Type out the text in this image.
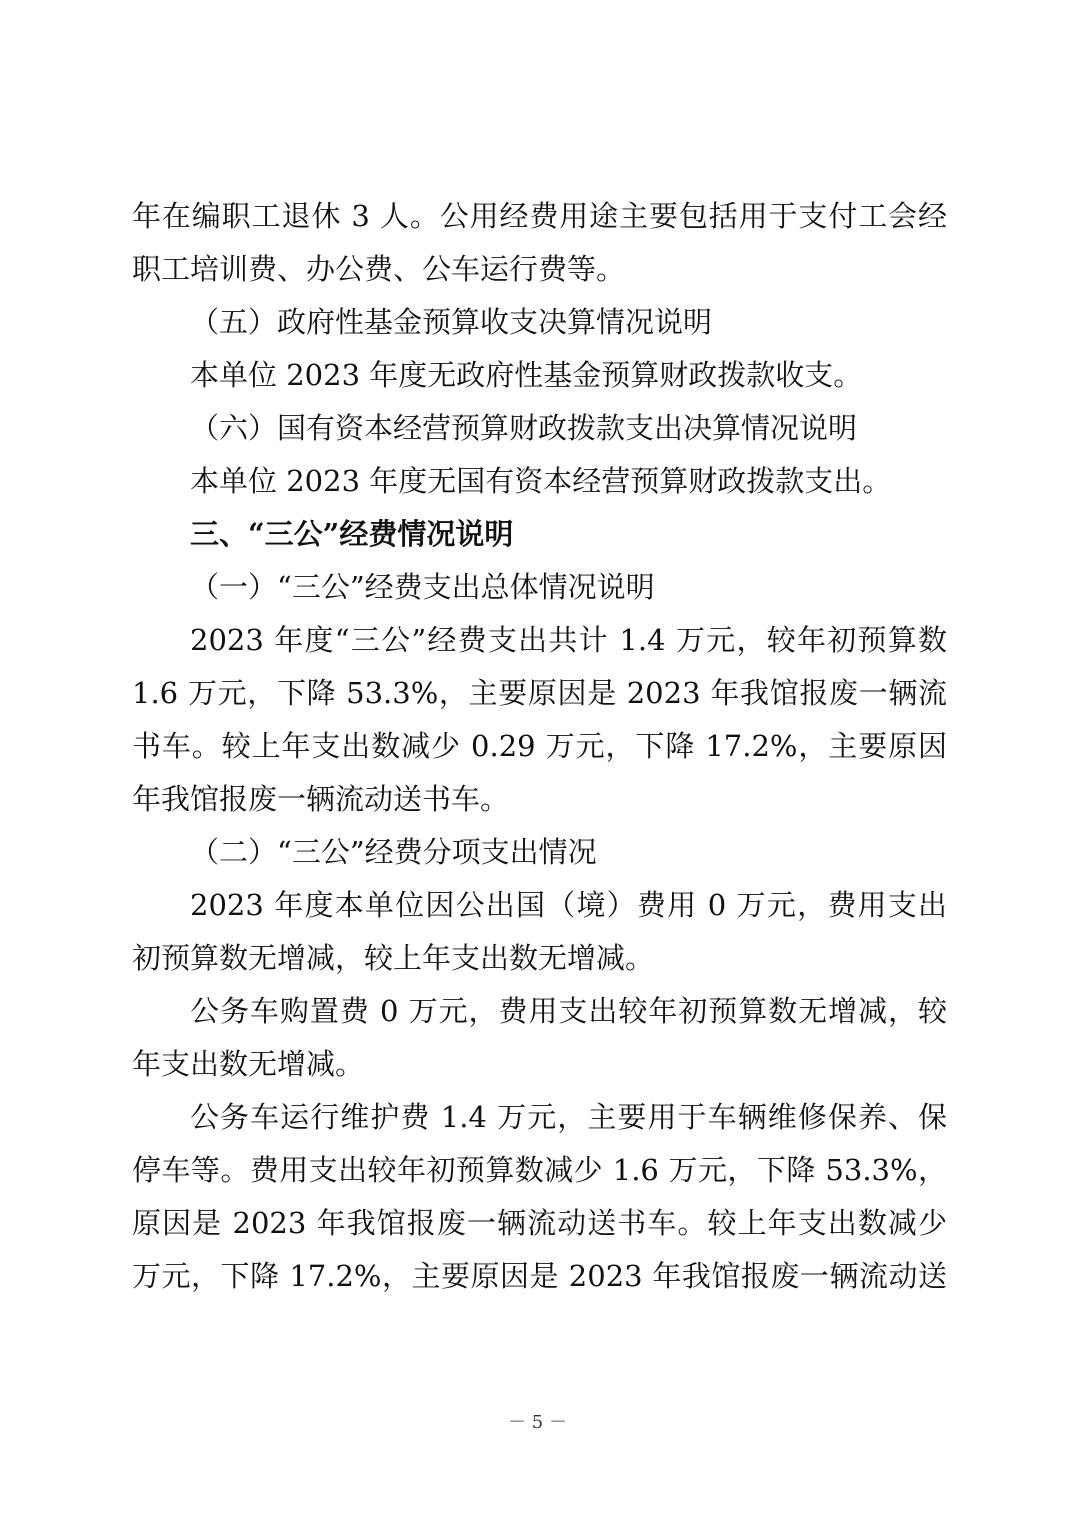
年在编职工退休 3 人。公用经费用途主要包括用于支付工会经
职工培训费、办公费、公车运行费等。
（五）政府性基金预算收支决算情况说明
本单位 2023 年度无政府性基金预算财政拨款收支。
（六）国有资本经营预算财政拨款支出决算情况说明
本单位 2023 年度无国有资本经营预算财政拨款支出。
三、“三公”经费情况说明
（一）“三公”经费支出总体情况说明
2023 年度“三公”经费支出共计 1.4 万元，较年初预算数
1.6 万元，下降 53.3%，主要原因是 2023 年我馆报废一辆流
书车。较上年支出数减少 0.29 万元，下降 17.2%，主要原因
年我馆报废一辆流动送书车。
（二）“三公”经费分项支出情况
2023 年度本单位因公出国（境）费用 0 万元，费用支出
初预算数无增减，较上年支出数无增减。
公务车购置费 0 万元，费用支出较年初预算数无增减，较
年支出数无增减。
公务车运行维护费 1.4 万元，主要用于车辆维修保养、保
停车等。费用支出较年初预算数减少 1.6 万元，下降 53.3%，
原因是 2023 年我馆报废一辆流动送书车。较上年支出数减少
万元，下降 17.2%，主要原因是 2023 年我馆报废一辆流动送
－ 5 －
